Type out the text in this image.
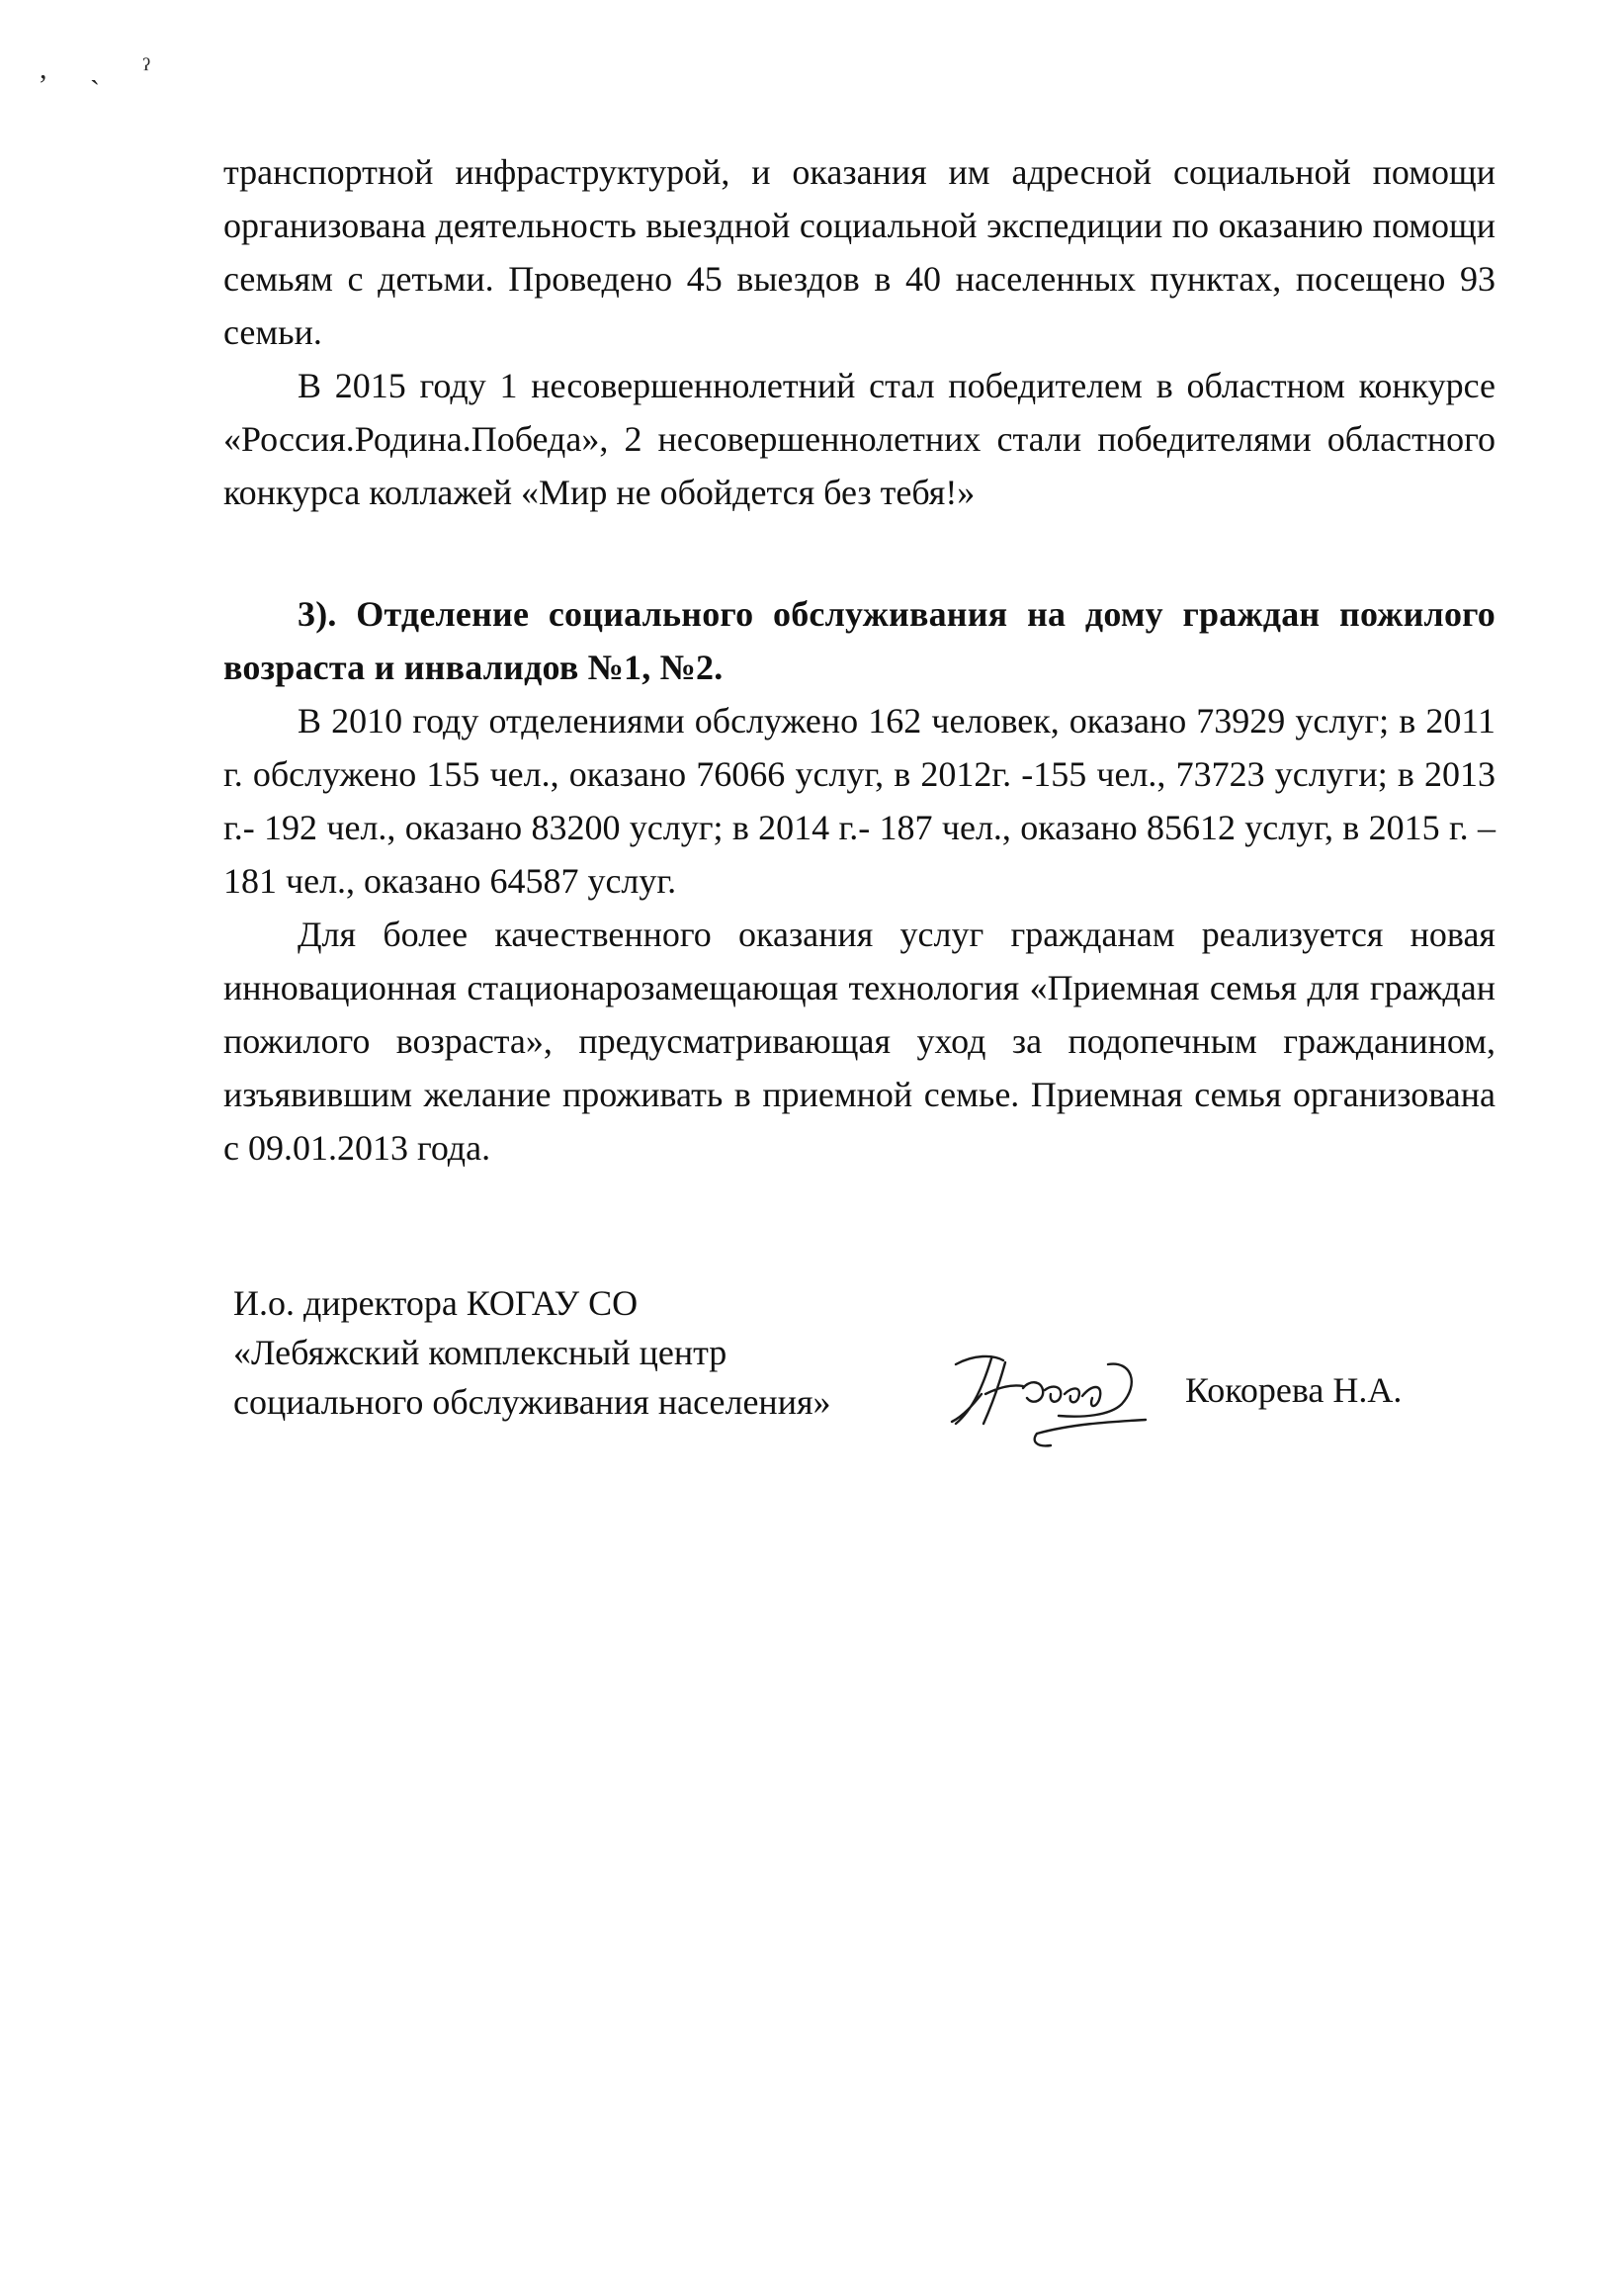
, ˎ ˀ

транспортной инфраструктурой, и оказания им адресной социальной помощи организована деятельность выездной социальной экспедиции по оказанию помощи семьям с детьми. Проведено 45 выездов в 40 населенных пунктах, посещено 93 семьи.

В 2015 году 1 несовершеннолетний стал победителем в областном конкурсе «Россия.Родина.Победа», 2 несовершеннолетних стали победителями областного конкурса коллажей «Мир не обойдется без тебя!»

3). Отделение социального обслуживания на дому граждан пожилого возраста и инвалидов №1, №2.

В 2010 году отделениями обслужено 162 человек, оказано 73929 услуг; в 2011 г. обслужено 155 чел., оказано 76066 услуг, в 2012г. -155 чел., 73723 услуги; в 2013 г.- 192 чел., оказано 83200 услуг; в 2014 г.- 187 чел., оказано 85612 услуг, в 2015 г. – 181 чел., оказано 64587 услуг.

Для более качественного оказания услуг гражданам реализуется новая инновационная стационарозамещающая технология «Приемная семья для граждан пожилого возраста», предусматривающая уход за подопечным гражданином, изъявившим желание проживать в приемной семье. Приемная семья организована с 09.01.2013 года.

И.о. директора КОГАУ СО
«Лебяжский комплексный центр
социального обслуживания населения»	Кокорева Н.А.
